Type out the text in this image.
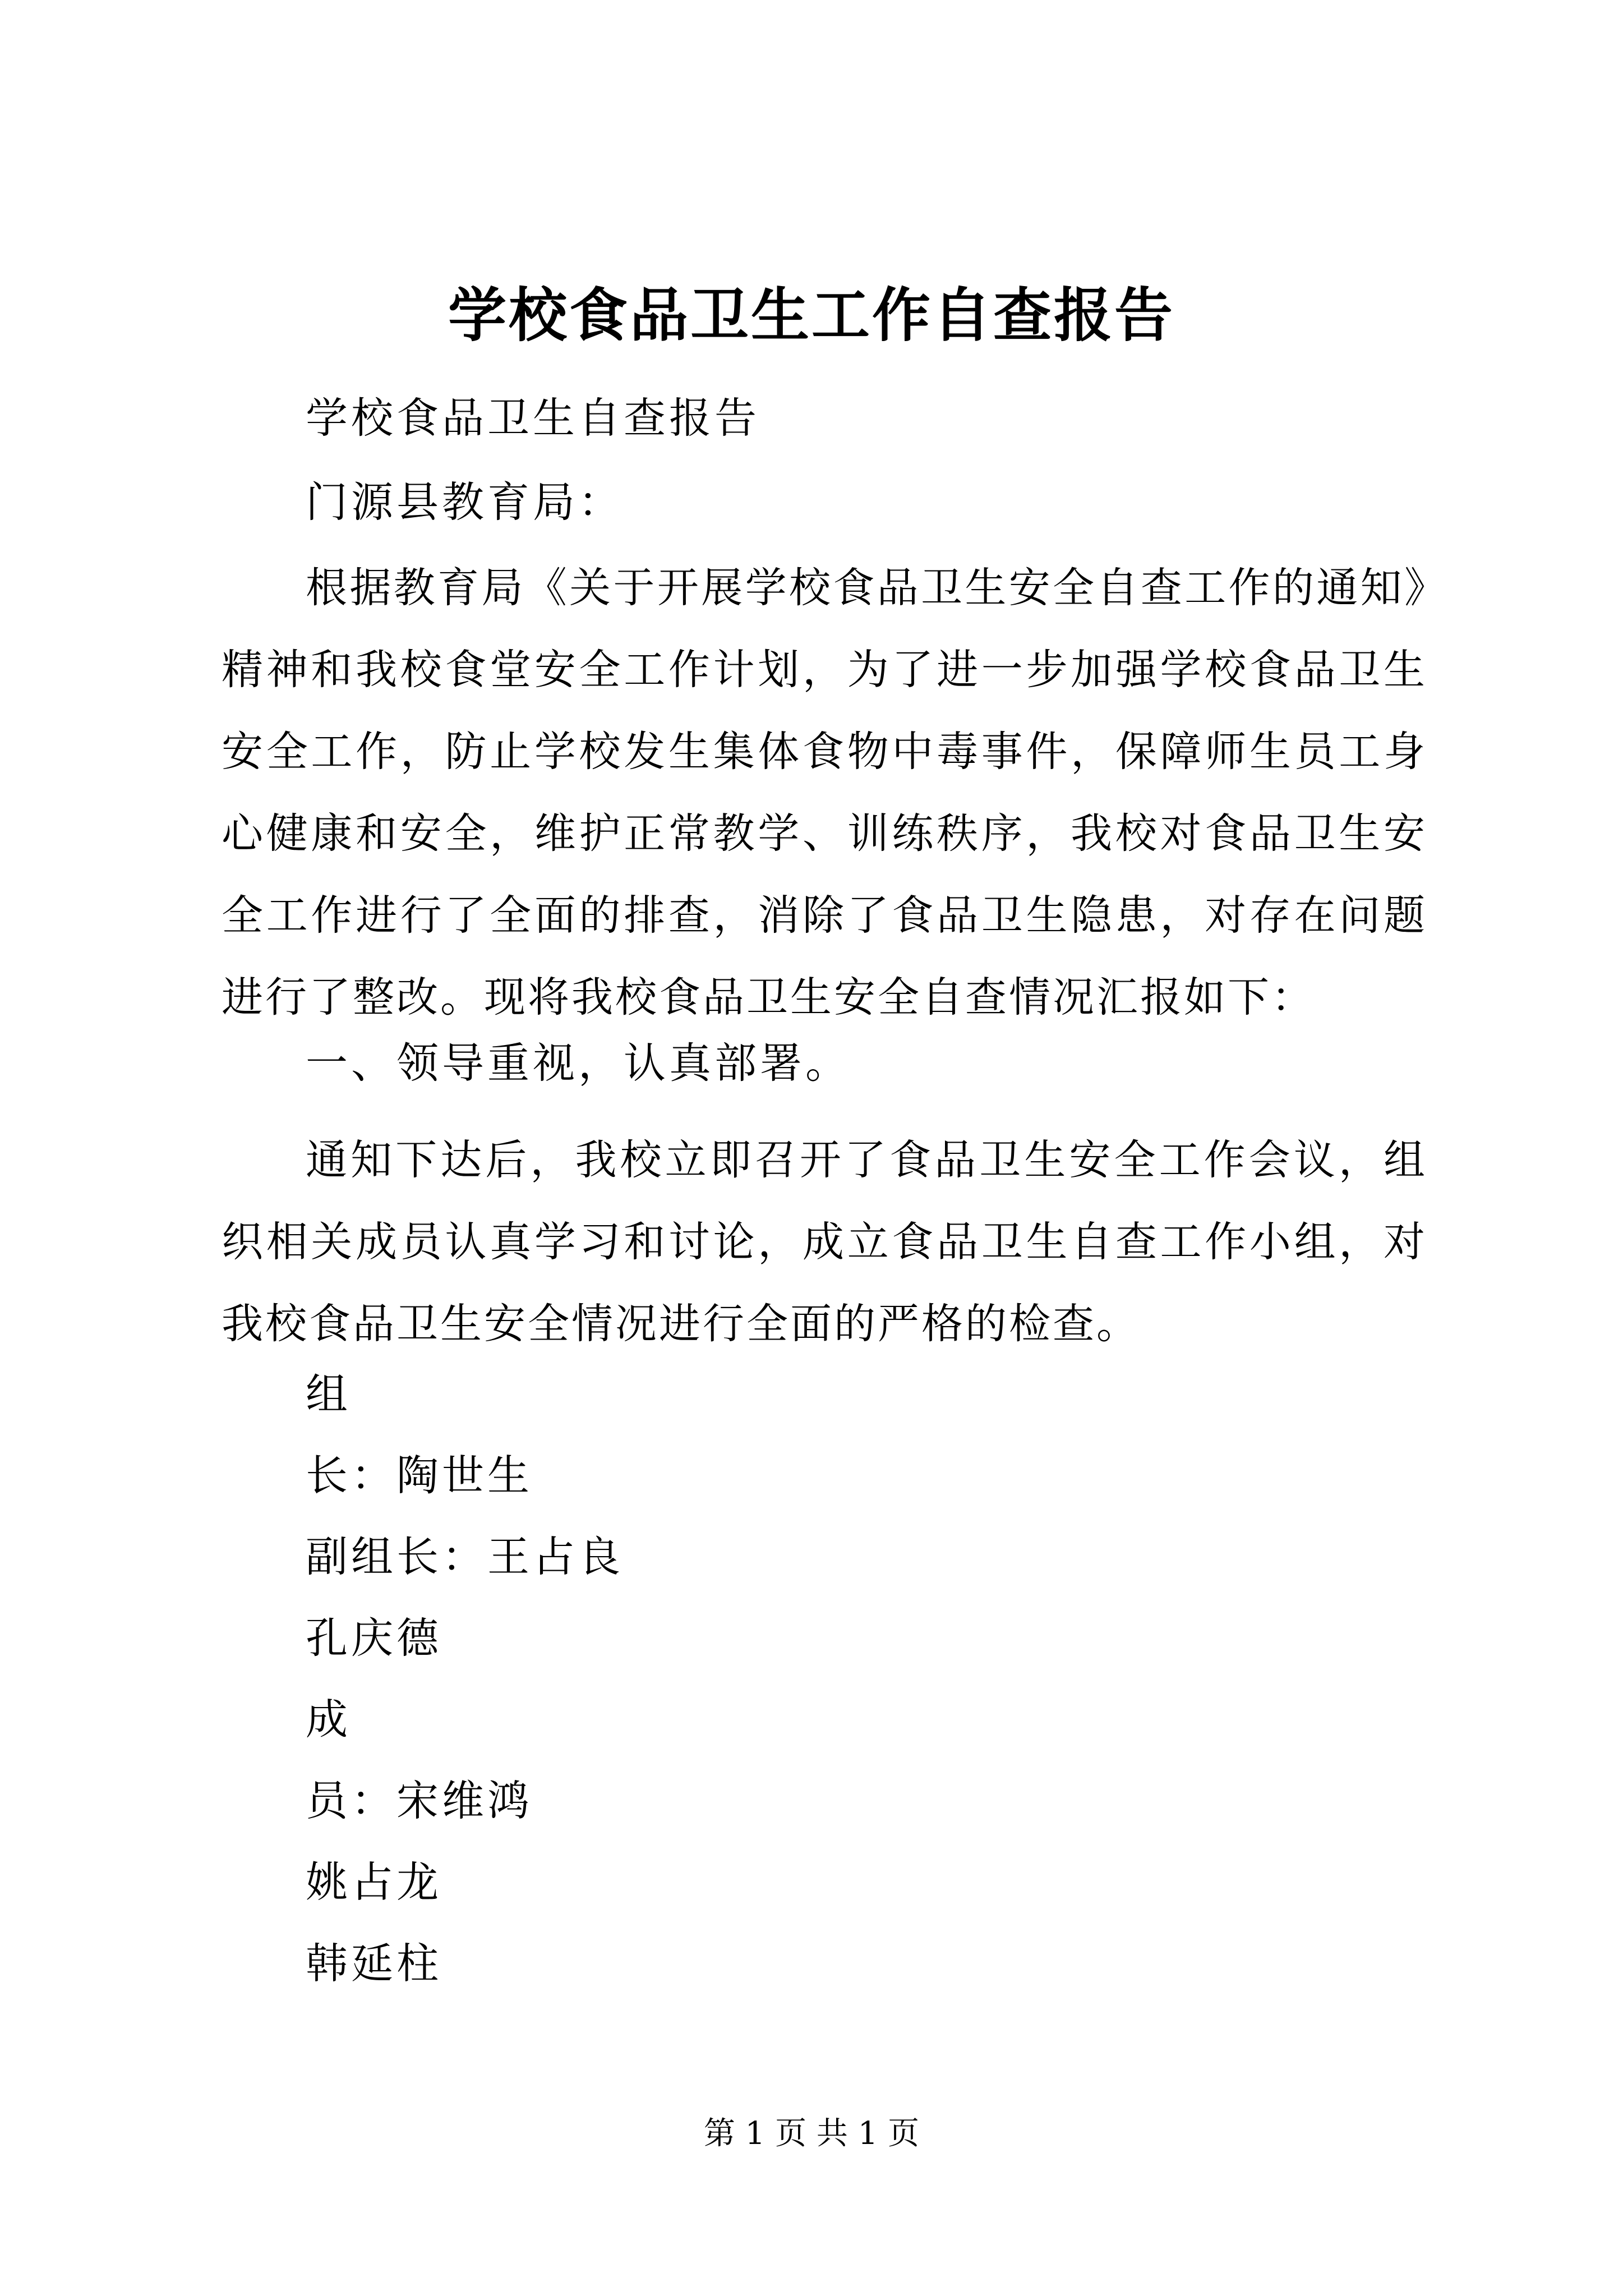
学校食品卫生工作自查报告
学校食品卫生自查报告
门源县教育局：
根据教育局《关于开展学校食品卫生安全自查工作的通知》精神和我校食堂安全工作计划，为了进一步加强学校食品卫生安全工作，防止学校发生集体食物中毒事件，保障师生员工身心健康和安全，维护正常教学、训练秩序，我校对食品卫生安全工作进行了全面的排查，消除了食品卫生隐患，对存在问题进行了整改。现将我校食品卫生安全自查情况汇报如下：
一、领导重视，认真部署。
通知下达后，我校立即召开了食品卫生安全工作会议，组织相关成员认真学习和讨论，成立食品卫生自查工作小组，对我校食品卫生安全情况进行全面的严格的检查。
组
长：陶世生
副组长：王占良
孔庆德
成
员：宋维鸿
姚占龙
韩延柱
第 1 页 共 1 页
